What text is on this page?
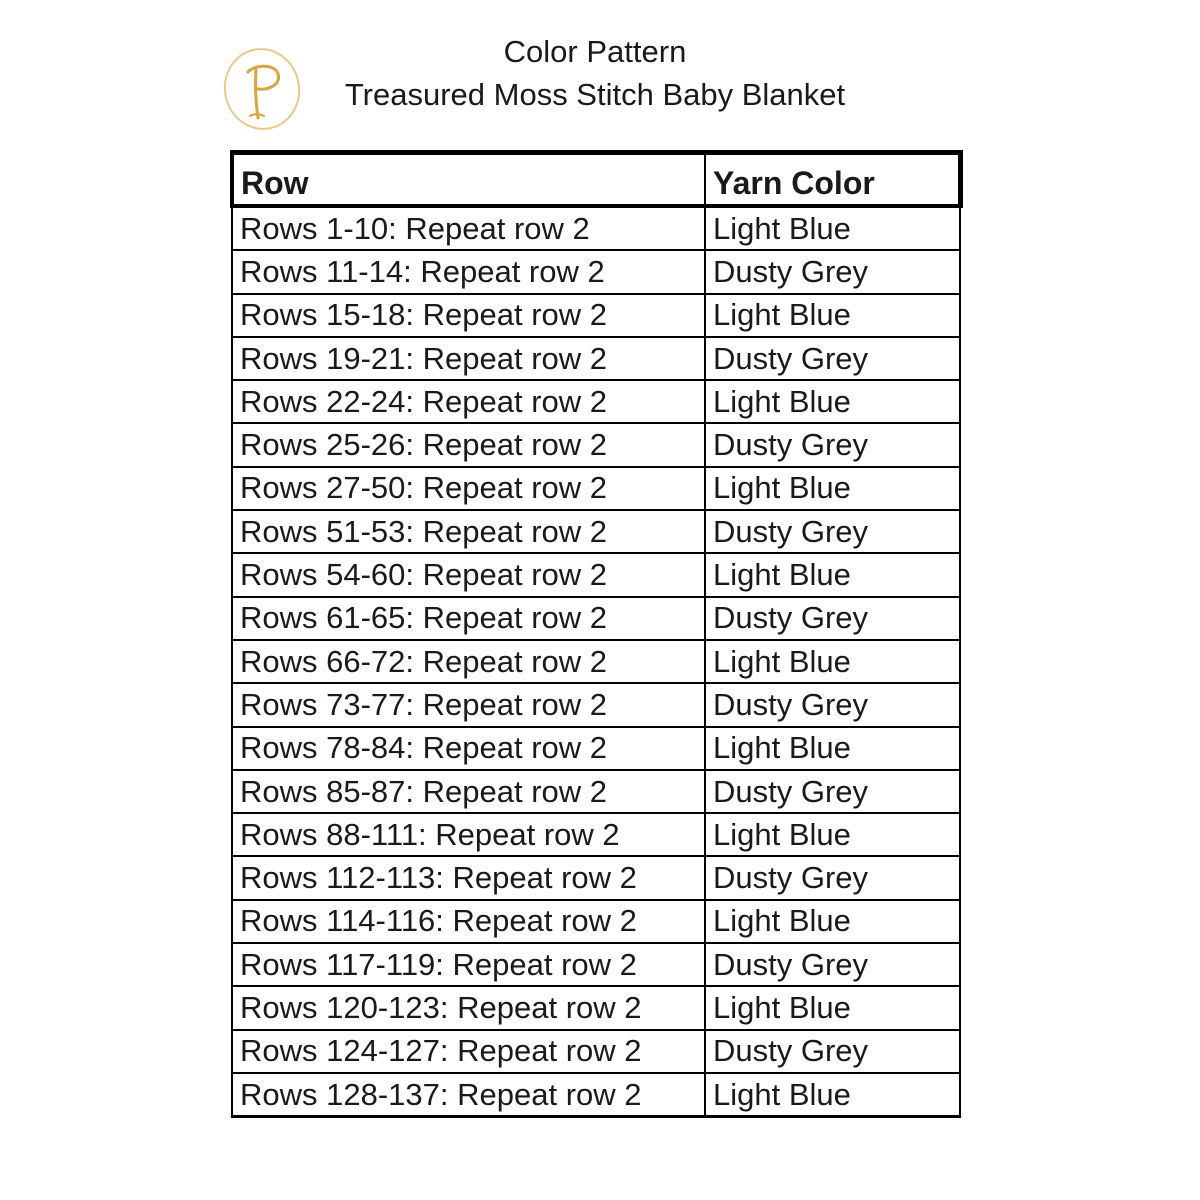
Color Pattern
Treasured Moss Stitch Baby Blanket
Row	Yarn Color
Rows 1-10: Repeat row 2	Light Blue
Rows 11-14: Repeat row 2	Dusty Grey
Rows 15-18: Repeat row 2	Light Blue
Rows 19-21: Repeat row 2	Dusty Grey
Rows 22-24: Repeat row 2	Light Blue
Rows 25-26: Repeat row 2	Dusty Grey
Rows 27-50: Repeat row 2	Light Blue
Rows 51-53: Repeat row 2	Dusty Grey
Rows 54-60: Repeat row 2	Light Blue
Rows 61-65: Repeat row 2	Dusty Grey
Rows 66-72: Repeat row 2	Light Blue
Rows 73-77: Repeat row 2	Dusty Grey
Rows 78-84: Repeat row 2	Light Blue
Rows 85-87: Repeat row 2	Dusty Grey
Rows 88-111: Repeat row 2	Light Blue
Rows 112-113: Repeat row 2	Dusty Grey
Rows 114-116: Repeat row 2	Light Blue
Rows 117-119: Repeat row 2	Dusty Grey
Rows 120-123: Repeat row 2	Light Blue
Rows 124-127: Repeat row 2	Dusty Grey
Rows 128-137: Repeat row 2	Light Blue
